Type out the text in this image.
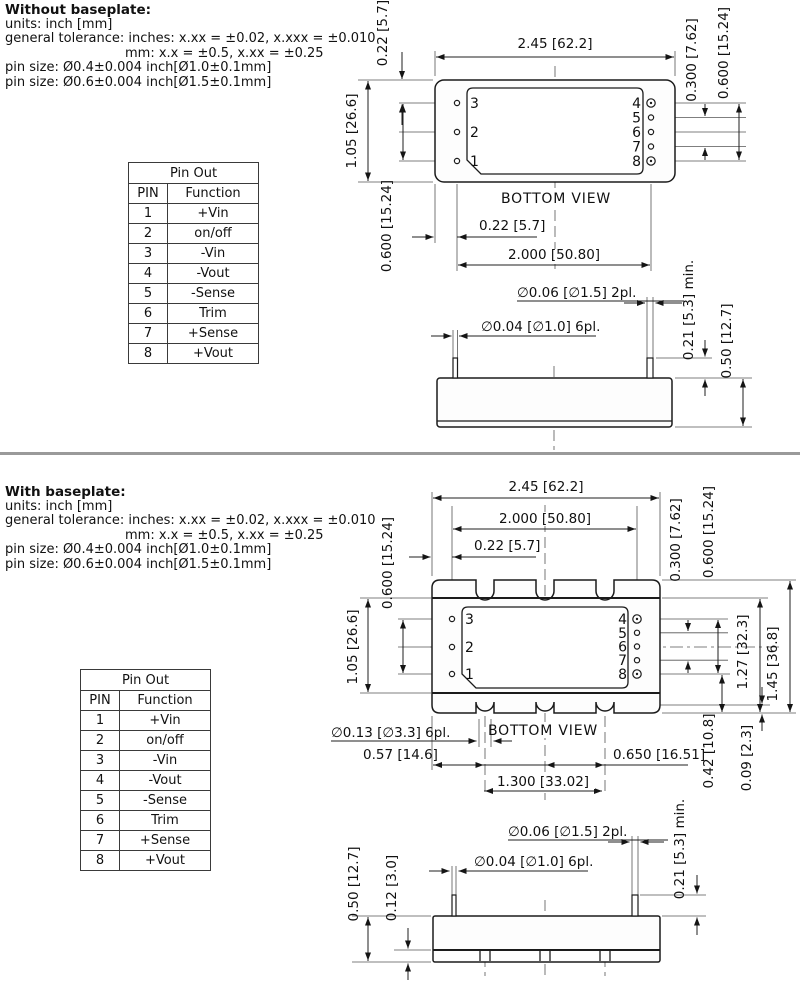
Without baseplate:
units: inch [mm]
general tolerance: inches: x.xx = ±0.02, x.xxx = ±0.010
mm: x.x = ±0.5, x.xx = ±0.25
pin size: Ø0.4±0.004 inch[Ø1.0±0.1mm]
pin size: Ø0.6±0.004 inch[Ø1.5±0.1mm]
Pin Out	
PIN	Function
1	+Vin
2	on/off
3	-Vin
4	-Vout
5	-Sense
6	Trim
7	+Sense
8	+Vout
3
2
1
4
5
6
7
8
BOTTOM VIEW
2.45 [62.2]
0.22 [5.7]
1.05 [26.6]
0.600 [15.24]
0.300 [7.62] 0.600 [15.24]
0.22 [5.7]
2.000 [50.80]
∅0.06 [∅1.5] 2pl.
∅0.04 [∅1.0] 6pl.	0.21 [5.3] min. 0.50 [12.7]
With baseplate:
units: inch [mm]
general tolerance: inches: x.xx = ±0.02, x.xxx = ±0.010
mm: x.x = ±0.5, x.xx = ±0.25
pin size: Ø0.4±0.004 inch[Ø1.0±0.1mm]
pin size: Ø0.6±0.004 inch[Ø1.5±0.1mm]
Pin Out	
PIN	Function
1	+Vin
2	on/off
3	-Vin
4	-Vout
5	-Sense
6	Trim
7	+Sense
8	+Vout
3
2
1
4
5
6
7
8
BOTTOM VIEW
2.45 [62.2]
2.000 [50.80]
0.22 [5.7]	0.300 [7.62] 0.600 [15.24]
0.600 [15.24]
1.05 [26.6]
∅0.13 [∅3.3] 6pl.
0.57 [14.6]	0.650 [16.51]
1.300 [33.02]
1.27 [32.3] 1.45 [36.8]
0.42 [10.8] 0.09 [2.3]
∅0.06 [∅1.5] 2pl.
∅0.04 [∅1.0] 6pl.
0.50 [12.7] 0.12 [3.0]	0.21 [5.3] min.
